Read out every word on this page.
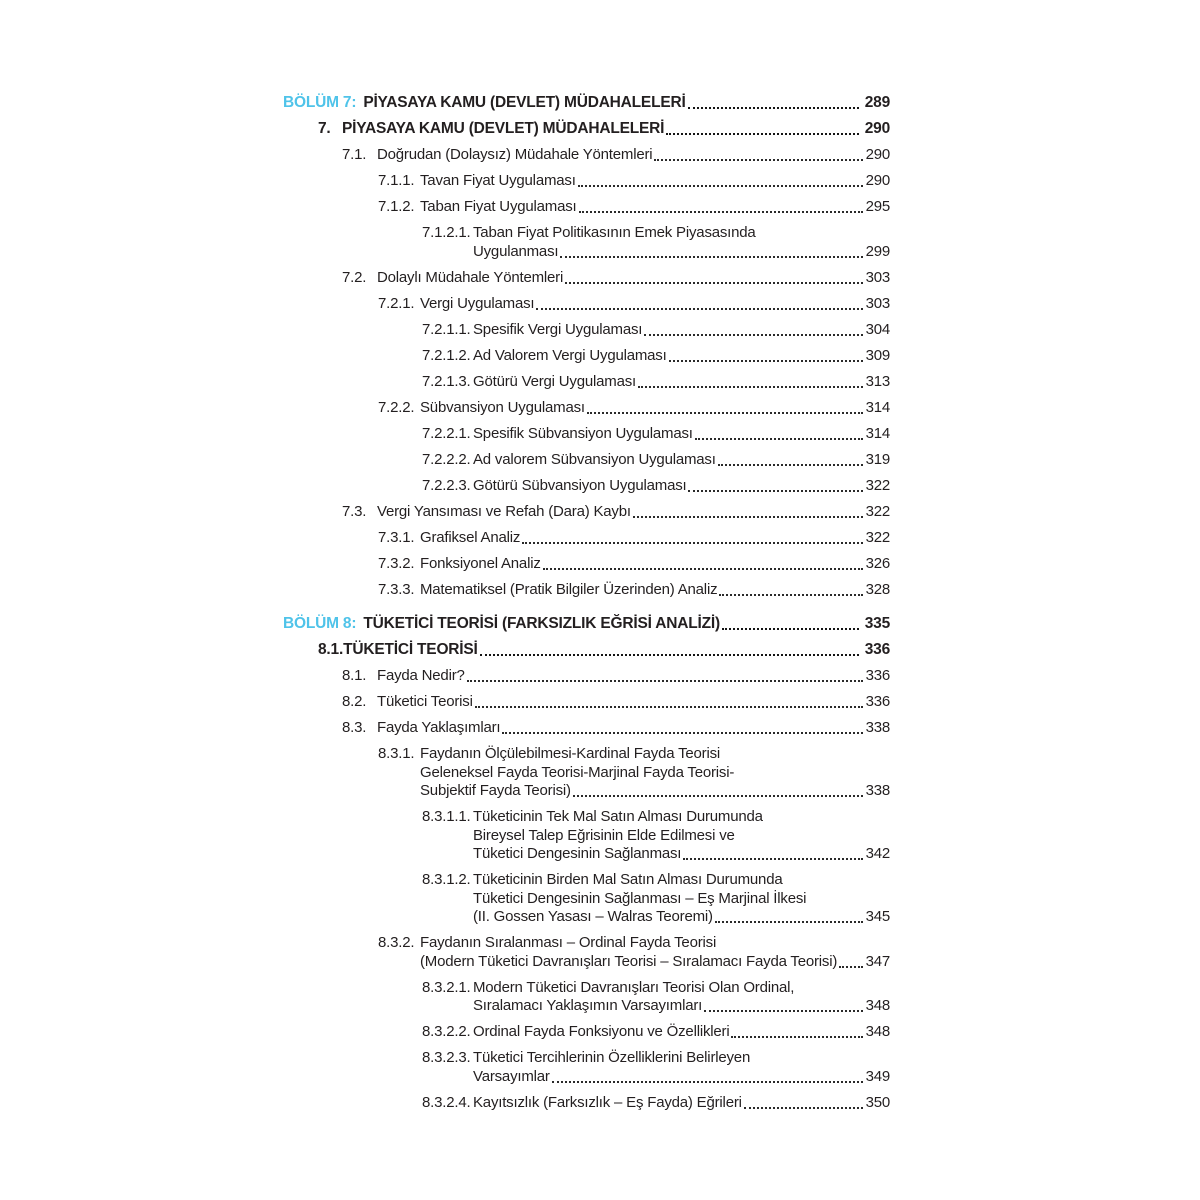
BÖLÜM 7: PİYASAYA KAMU (DEVLET) MÜDAHALELERİ	289
7. PİYASAYA KAMU (DEVLET) MÜDAHALELERİ	290
7.1. Doğrudan (Dolaysız) Müdahale Yöntemleri	290
7.1.1. Tavan Fiyat Uygulaması	290
7.1.2. Taban Fiyat Uygulaması	295
7.1.2.1. Taban Fiyat Politikasının Emek Piyasasında
Uygulanması	299
7.2. Dolaylı Müdahale Yöntemleri	303
7.2.1. Vergi Uygulaması	303
7.2.1.1. Spesifik Vergi Uygulaması	304
7.2.1.2. Ad Valorem Vergi Uygulaması	309
7.2.1.3. Götürü Vergi Uygulaması	313
7.2.2. Sübvansiyon Uygulaması	314
7.2.2.1. Spesifik Sübvansiyon Uygulaması	314
7.2.2.2. Ad valorem Sübvansiyon Uygulaması	319
7.2.2.3. Götürü Sübvansiyon Uygulaması	322
7.3. Vergi Yansıması ve Refah (Dara) Kaybı	322
7.3.1. Grafiksel Analiz	322
7.3.2. Fonksiyonel Analiz	326
7.3.3. Matematiksel (Pratik Bilgiler Üzerinden) Analiz	328
BÖLÜM 8: TÜKETİCİ TEORİSİ (FARKSIZLIK EĞRİSİ ANALİZİ)	335
8.1. TÜKETİCİ TEORİSİ	336
8.1. Fayda Nedir?	336
8.2. Tüketici Teorisi	336
8.3. Fayda Yaklaşımları	338
8.3.1. Faydanın Ölçülebilmesi-Kardinal Fayda Teorisi
Geleneksel Fayda Teorisi-Marjinal Fayda Teorisi-
Subjektif Fayda Teorisi)	338
8.3.1.1. Tüketicinin Tek Mal Satın Alması Durumunda
Bireysel Talep Eğrisinin Elde Edilmesi ve
Tüketici Dengesinin Sağlanması	342
8.3.1.2. Tüketicinin Birden Mal Satın Alması Durumunda
Tüketici Dengesinin Sağlanması – Eş Marjinal İlkesi
(II. Gossen Yasası – Walras Teoremi)	345
8.3.2. Faydanın Sıralanması – Ordinal Fayda Teorisi
(Modern Tüketici Davranışları Teorisi – Sıralamacı Fayda Teorisi) 347
8.3.2.1. Modern Tüketici Davranışları Teorisi Olan Ordinal,
Sıralamacı Yaklaşımın Varsayımları	348
8.3.2.2. Ordinal Fayda Fonksiyonu ve Özellikleri	348
8.3.2.3. Tüketici Tercihlerinin Özelliklerini Belirleyen
Varsayımlar	349
8.3.2.4. Kayıtsızlık (Farksızlık – Eş Fayda) Eğrileri	350
